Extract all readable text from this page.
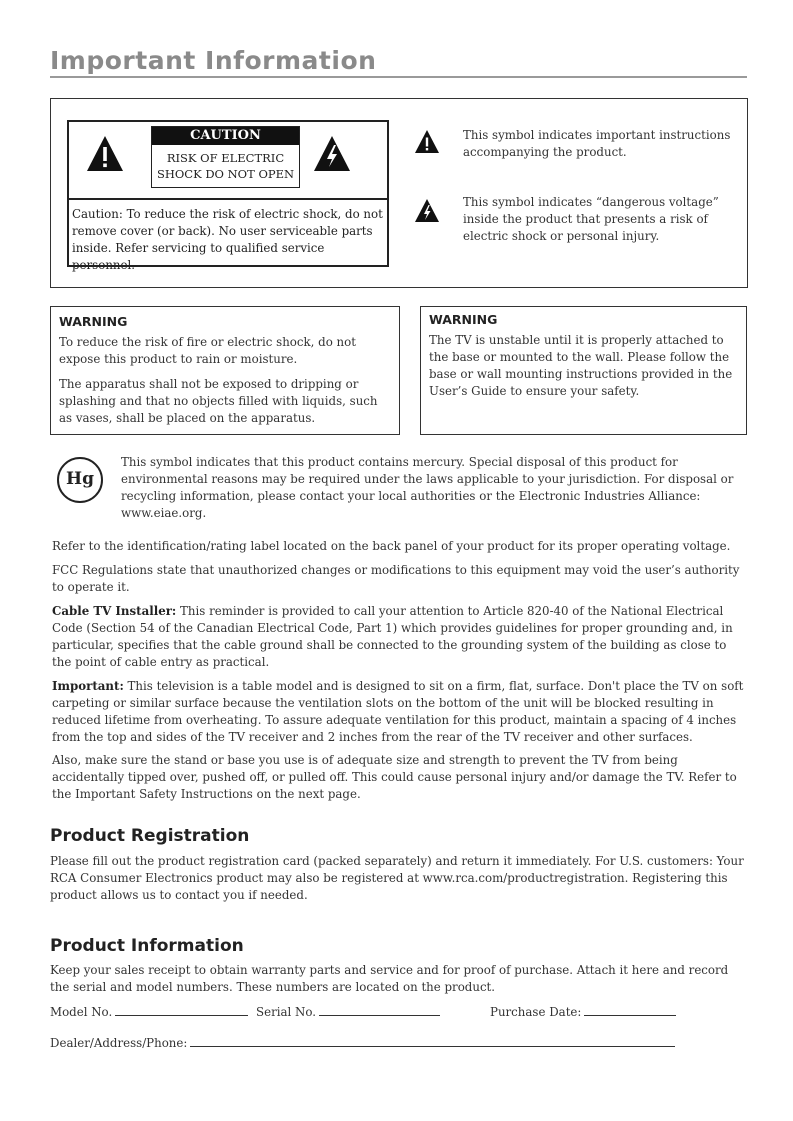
Important Information
CAUTION
RISK OF ELECTRIC
SHOCK DO NOT OPEN
Caution: To reduce the risk of electric shock, do not remove cover (or back). No user serviceable parts inside. Refer servicing to qualified service personnel.
This symbol indicates important instructions accompanying the product.
This symbol indicates “dangerous voltage” inside the product that presents a risk of electric shock or personal injury.
WARNING
To reduce the risk of fire or electric shock, do not expose this product to rain or moisture.
The apparatus shall not be exposed to dripping or splashing and that no objects filled with liquids, such as vases, shall be placed on the apparatus.
WARNING
The TV is unstable until it is properly attached to the base or mounted to the wall. Please follow the base or wall mounting instructions provided in the User’s Guide to ensure your safety.
Hg
This symbol indicates that this product contains mercury. Special disposal of this product for environmental reasons may be required under the laws applicable to your jurisdiction. For disposal or recycling information, please contact your local authorities or the Electronic Industries Alliance: www.eiae.org.
Refer to the identification/rating label located on the back panel of your product for its proper operating voltage.
FCC Regulations state that unauthorized changes or modifications to this equipment may void the user’s authority to operate it.
Cable TV Installer: This reminder is provided to call your attention to Article 820-40 of the National Electrical Code (Section 54 of the Canadian Electrical Code, Part 1) which provides guidelines for proper grounding and, in particular, specifies that the cable ground shall be connected to the grounding system of the building as close to the point of cable entry as practical.
Important: This television is a table model and is designed to sit on a firm, flat, surface. Don't place the TV on soft carpeting or similar surface because the ventilation slots on the bottom of the unit will be blocked resulting in reduced lifetime from overheating. To assure adequate ventilation for this product, maintain a spacing of 4 inches from the top and sides of the TV receiver and 2 inches from the rear of the TV receiver and other surfaces.
Also, make sure the stand or base you use is of adequate size and strength to prevent the TV from being accidentally tipped over, pushed off, or pulled off. This could cause personal injury and/or damage the TV. Refer to the Important Safety Instructions on the next page.
Product Registration
Please fill out the product registration card (packed separately) and return it immediately. For U.S. customers: Your RCA Consumer Electronics product may also be registered at www.rca.com/productregistration. Registering this product allows us to contact you if needed.
Product Information
Keep your sales receipt to obtain warranty parts and service and for proof of purchase. Attach it here and record the serial and model numbers. These numbers are located on the product.
Model No.	Serial No.	Purchase Date:
Dealer/Address/Phone:
